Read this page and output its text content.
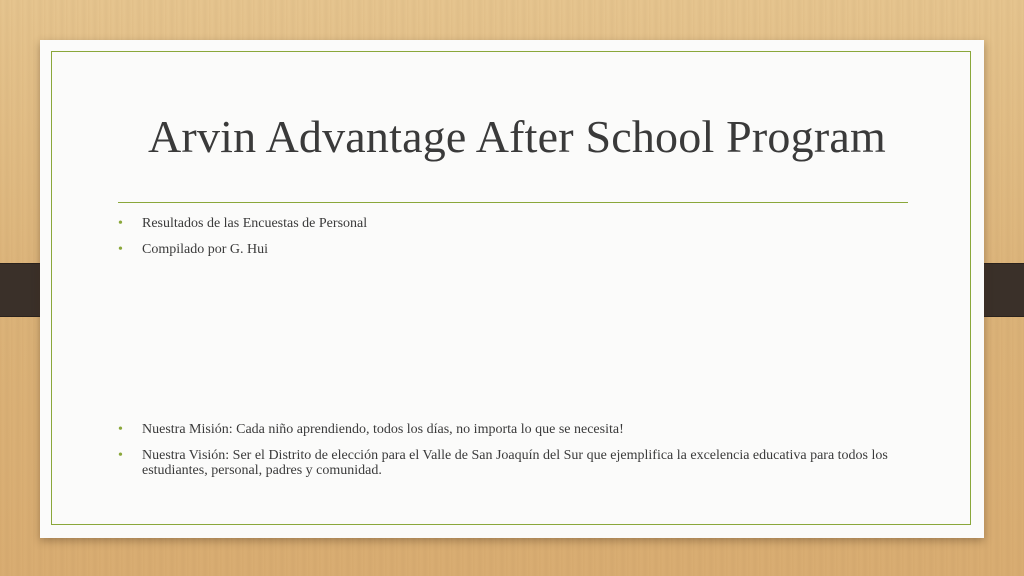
Arvin Advantage After School Program
• Resultados de las Encuestas de Personal
• Compilado por G. Hui
• Nuestra Misión: Cada niño aprendiendo, todos los días, no importa lo que se necesita!
• Nuestra Visión: Ser el Distrito de elección para el Valle de San Joaquín del Sur que ejemplifica la excelencia educativa para todos los estudiantes, personal, padres y comunidad.
